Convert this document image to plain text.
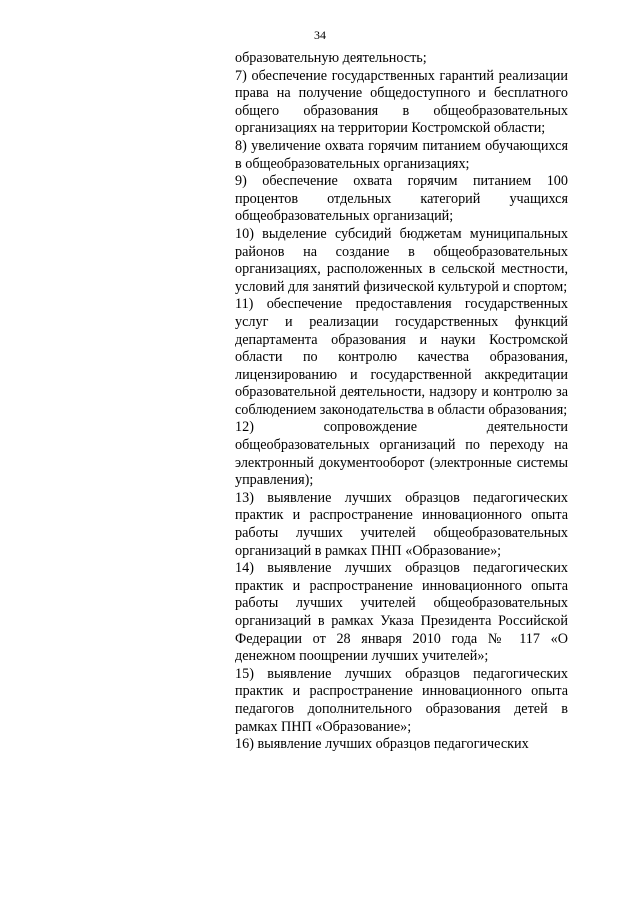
34

образовательную деятельность;

7) обеспечение государственных гарантий реализации права на получение общедоступного и бесплатного общего образования в общеобразовательных организациях на территории Костромской области;

8) увеличение охвата горячим питанием обучающихся в общеобразовательных организациях;

9) обеспечение охвата горячим питанием 100 процентов отдельных категорий учащихся общеобразовательных организаций;

10) выделение субсидий бюджетам муниципальных районов на создание в общеобразовательных организациях, расположенных в сельской местности, условий для занятий физической культурой и спортом;

11) обеспечение предоставления государственных услуг и реализации государственных функций департамента образования и науки Костромской области по контролю качества образования, лицензированию и государственной аккредитации образовательной деятельности, надзору и контролю за соблюдением законодательства в области образования;

12) сопровождение деятельности общеобразовательных организаций по переходу на электронный документооборот (электронные системы управления);

13) выявление лучших образцов педагогических практик и распространение инновационного опыта работы лучших учителей общеобразовательных организаций в рамках ПНП «Образование»;

14) выявление лучших образцов педагогических практик и распространение инновационного опыта работы лучших учителей общеобразовательных организаций в рамках Указа Президента Российской Федерации от 28 января 2010 года № 117 «О денежном поощрении лучших учителей»;

15) выявление лучших образцов педагогических практик и распространение инновационного опыта педагогов дополнительного образования детей в рамках ПНП «Образование»;

16) выявление лучших образцов педагогических
